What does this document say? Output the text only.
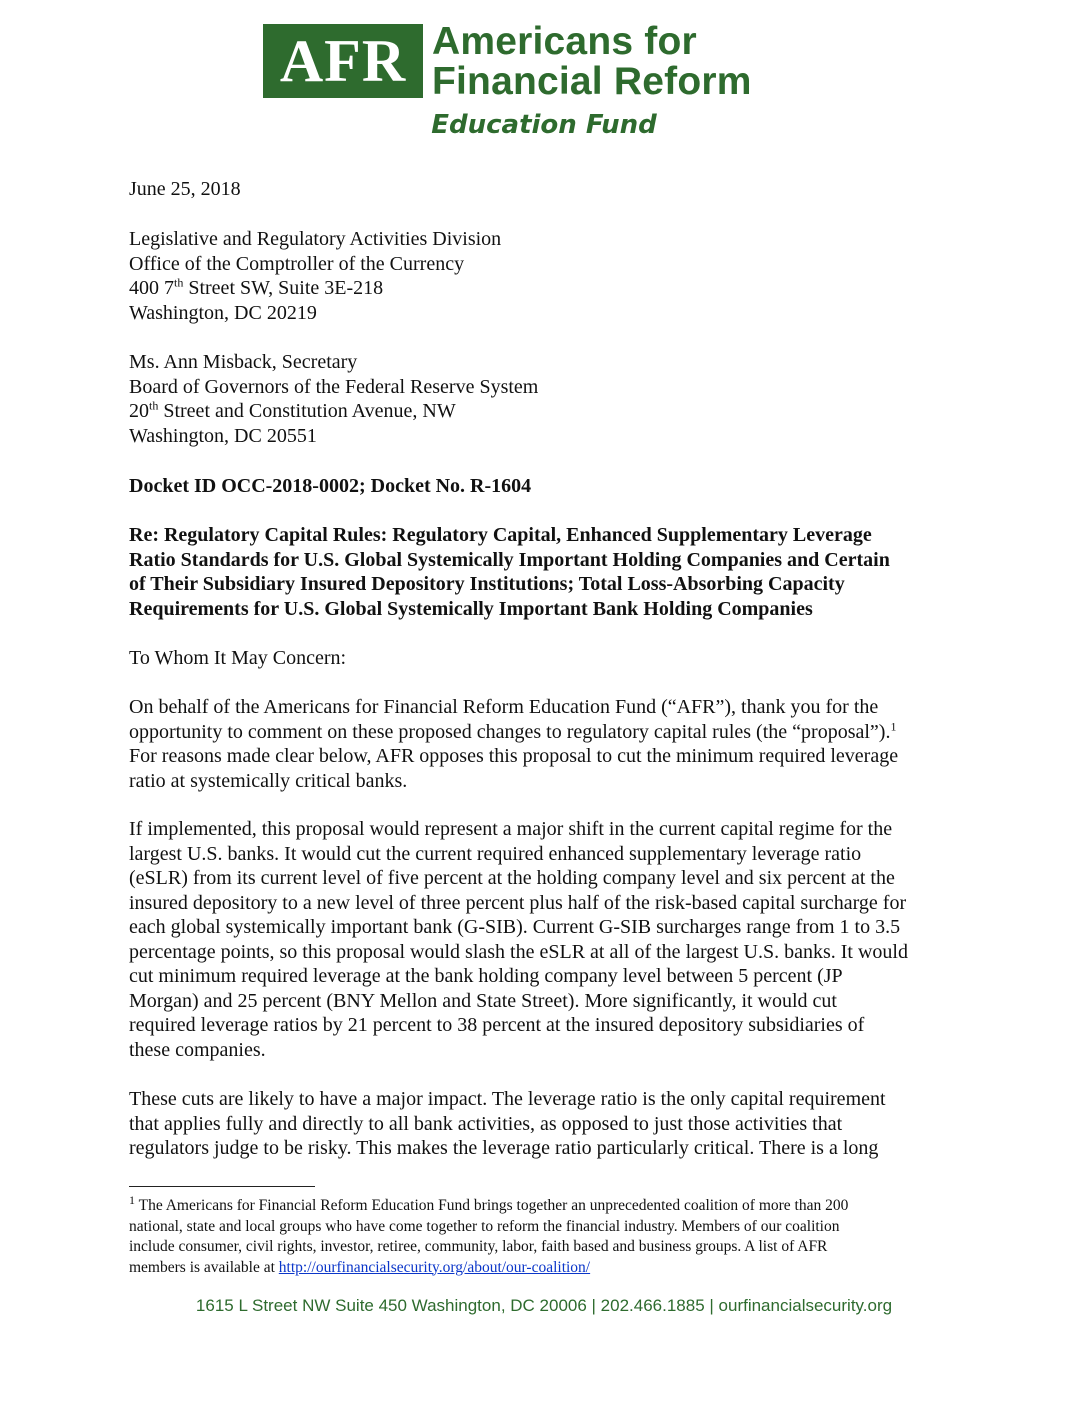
AFR Americans for
Financial Reform
Education Fund
June 25, 2018
Legislative and Regulatory Activities Division
Office of the Comptroller of the Currency
400 7th Street SW, Suite 3E-218
Washington, DC 20219
Ms. Ann Misback, Secretary
Board of Governors of the Federal Reserve System
20th Street and Constitution Avenue, NW
Washington, DC 20551
Docket ID OCC-2018-0002; Docket No. R-1604
Re: Regulatory Capital Rules: Regulatory Capital, Enhanced Supplementary Leverage
Ratio Standards for U.S. Global Systemically Important Holding Companies and Certain
of Their Subsidiary Insured Depository Institutions; Total Loss-Absorbing Capacity
Requirements for U.S. Global Systemically Important Bank Holding Companies
To Whom It May Concern:
On behalf of the Americans for Financial Reform Education Fund (“AFR”), thank you for the
opportunity to comment on these proposed changes to regulatory capital rules (the “proposal”).$^1$
For reasons made clear below, AFR opposes this proposal to cut the minimum required leverage
ratio at systemically critical banks.
If implemented, this proposal would represent a major shift in the current capital regime for the
largest U.S. banks. It would cut the current required enhanced supplementary leverage ratio
(eSLR) from its current level of five percent at the holding company level and six percent at the
insured depository to a new level of three percent plus half of the risk-based capital surcharge for
each global systemically important bank (G-SIB). Current G-SIB surcharges range from 1 to 3.5
percentage points, so this proposal would slash the eSLR at all of the largest U.S. banks. It would
cut minimum required leverage at the bank holding company level between 5 percent (JP
Morgan) and 25 percent (BNY Mellon and State Street). More significantly, it would cut
required leverage ratios by 21 percent to 38 percent at the insured depository subsidiaries of
these companies.
These cuts are likely to have a major impact. The leverage ratio is the only capital requirement
that applies fully and directly to all bank activities, as opposed to just those activities that
regulators judge to be risky. This makes the leverage ratio particularly critical. There is a long
$^1$ The Americans for Financial Reform Education Fund brings together an unprecedented coalition of more than 200
national, state and local groups who have come together to reform the financial industry. Members of our coalition
include consumer, civil rights, investor, retiree, community, labor, faith based and business groups. A list of AFR
members is available at http://ourfinancialsecurity.org/about/our-coalition/
1615 L Street NW Suite 450 Washington, DC 20006 | 202.466.1885 | ourfinancialsecurity.org
